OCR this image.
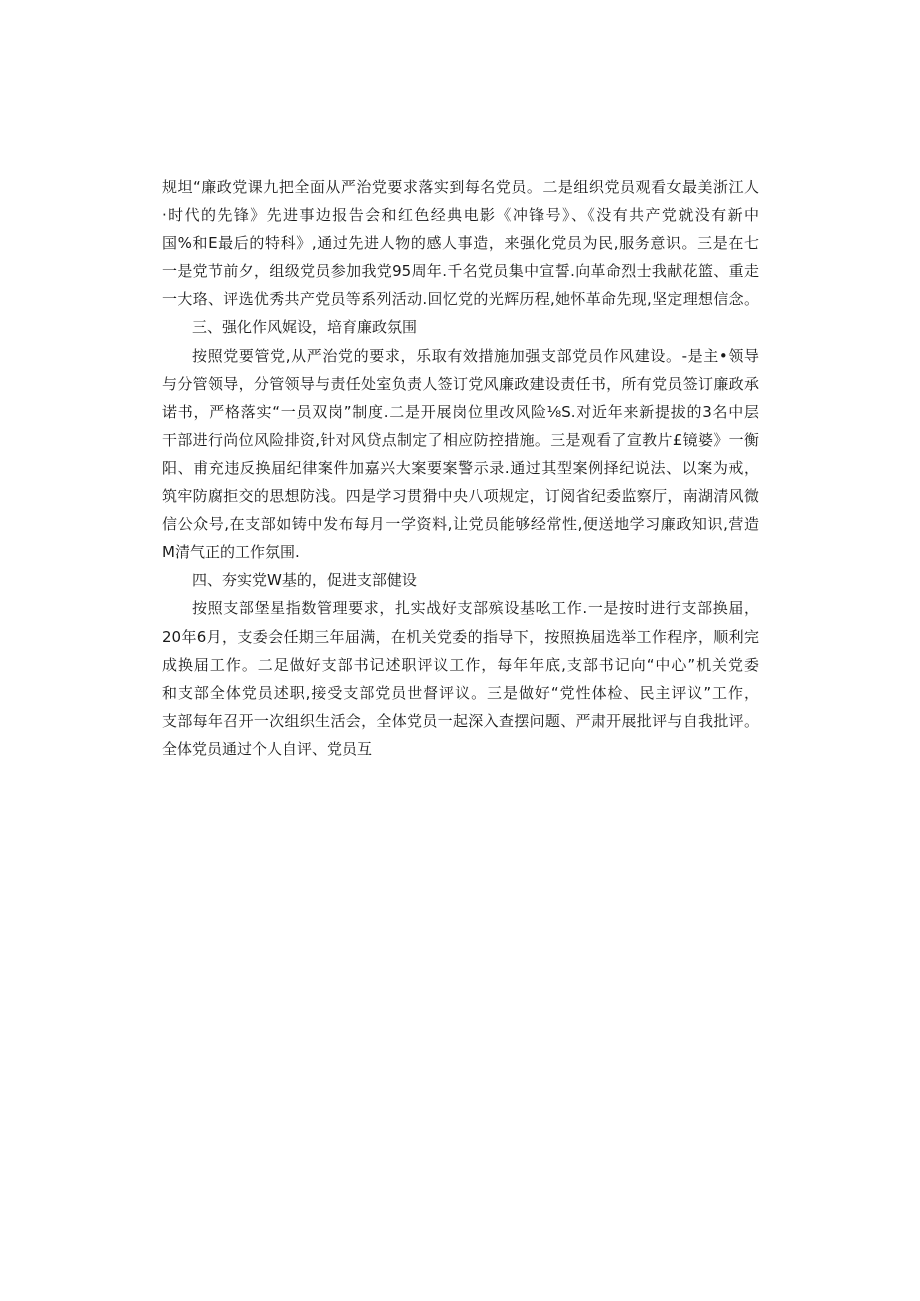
规坦“廉政党课九把全面从严治党要求落实到每名党员。二是组织党员观看女最美浙江人
·时代的先锋》先进事边报告会和红色经典电影《冲锋号》、《没有共产党就没有新中
国%和E最后的特科》,通过先进人物的感人事造，来强化党员为民,服务意识。三是在七
一是党节前夕，组级党员参加我党95周年.千名党员集中宣誓.向革命烈士我献花篮、重走
一大珞、评选优秀共产党员等系列活动.回忆党的光辉历程,她怀革命先现,坚定理想信念。
三、强化作风娓设，培育廉政氛围
按照党要管党,从严治党的要求，乐取有效措施加强支部党员作风建设。-是主•领导
与分管领导，分管领导与责任处室负责人签订党风廉政建设责任书，所有党员签订廉政承
诺书，严格落实“一员双岗”制度.二是开展岗位里改风险⅛S.对近年来新提拔的3名中层
干部进行尚位风险排资,针对风贷点制定了相应防控措施。三是观看了宣教片£镜婆》一衡
阳、甫充违反换届纪律案件加嘉兴大案要案警示录.通过其型案例择纪说法、以案为戒，
筑牢防腐拒交的思想防浅。四是学习贯猾中央八项规定，订阅省纪委监察厅，南湖清风微
信公众号,在支部如铸中发布每月一学资料,让党员能够经常性,便送地学习廉政知识,营造
M清气正的工作氛围.
四、夯实党W基的，促进支部健设
按照支部堡星指数管理要求，扎实战好支部殡设基吆工作.一是按时进行支部换届，
20年6月，支委会任期三年届满，在机关党委的指导下，按照换届选举工作程序，顺利完
成换届工作。二足做好支部书记述职评议工作，每年年底,支部书记向“中心”机关党委
和支部全体党员述职,接受支部党员世督评议。三是做好“党性体检、民主评议”工作，
支部每年召开一次组织生活会，全体党员一起深入查摆问题、严肃开展批评与自我批评。
全体党员通过个人自评、党员互
